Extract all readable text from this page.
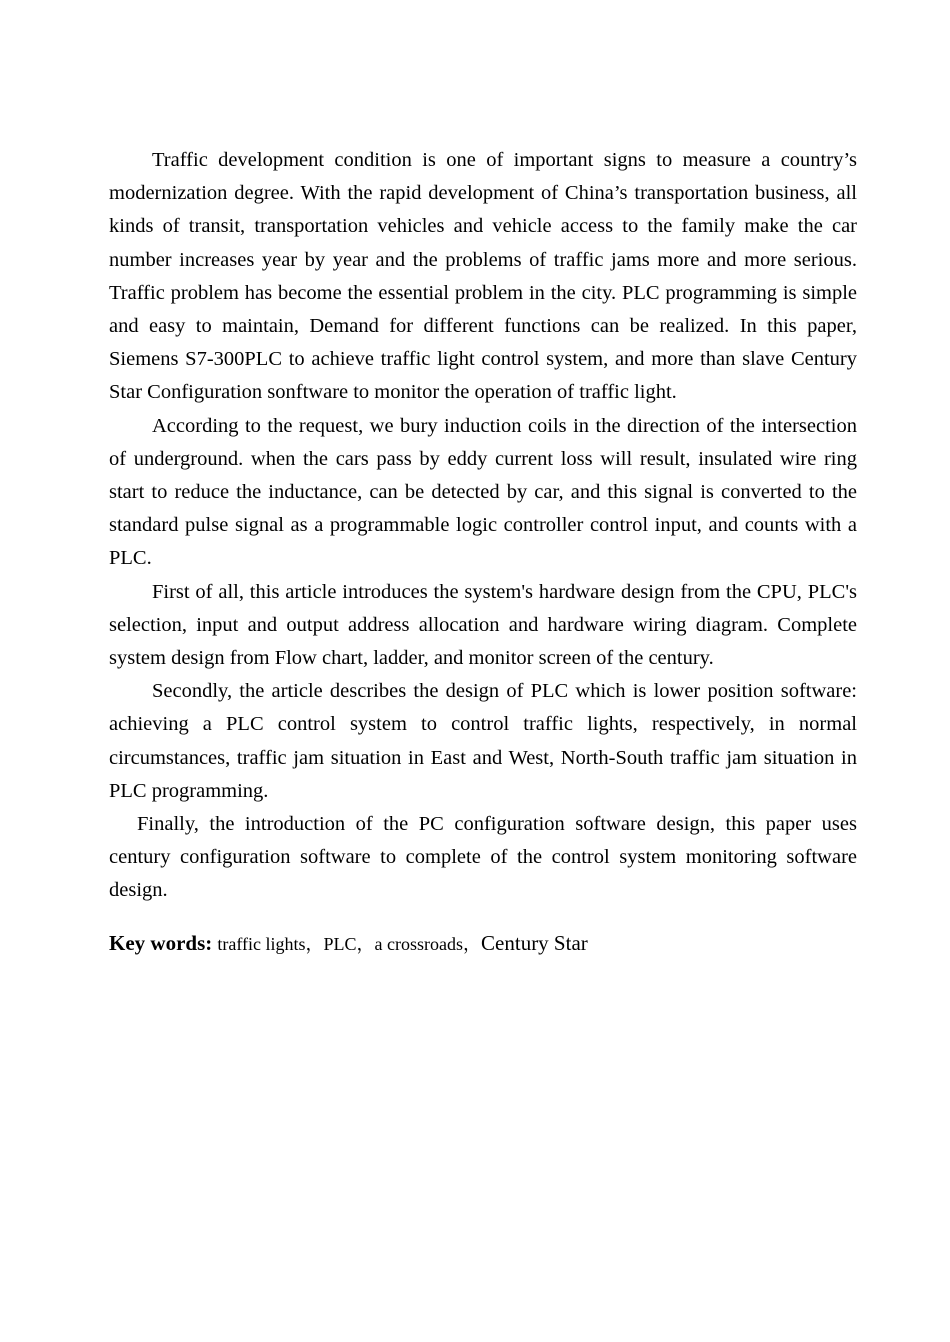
Traffic development condition is one of important signs to measure a country’s modernization degree. With the rapid development of China’s transportation business, all kinds of transit, transportation vehicles and vehicle access to the family make the car number increases year by year and the problems of traffic jams more and more serious. Traffic problem has become the essential problem in the city. PLC programming is simple and easy to maintain, Demand for different functions can be realized. In this paper, Siemens S7-300PLC to achieve traffic light control system, and more than slave Century Star Configuration sonftware to monitor the operation of traffic light.

According to the request, we bury induction coils in the direction of the intersection of underground. when the cars pass by eddy current loss will result, insulated wire ring start to reduce the inductance, can be detected by car, and this signal is converted to the standard pulse signal as a programmable logic controller control input, and counts with a PLC.

First of all, this article introduces the system's hardware design from the CPU, PLC's selection, input and output address allocation and hardware wiring diagram. Complete system design from Flow chart, ladder, and monitor screen of the century.

Secondly, the article describes the design of PLC which is lower position software: achieving a PLC control system to control traffic lights, respectively, in normal circumstances, traffic jam situation in East and West, North-South traffic jam situation in PLC programming.

Finally, the introduction of the PC configuration software design, this paper uses century configuration software to complete of the control system monitoring software design.

Key words: traffic lights，PLC，a crossroads，Century Star
